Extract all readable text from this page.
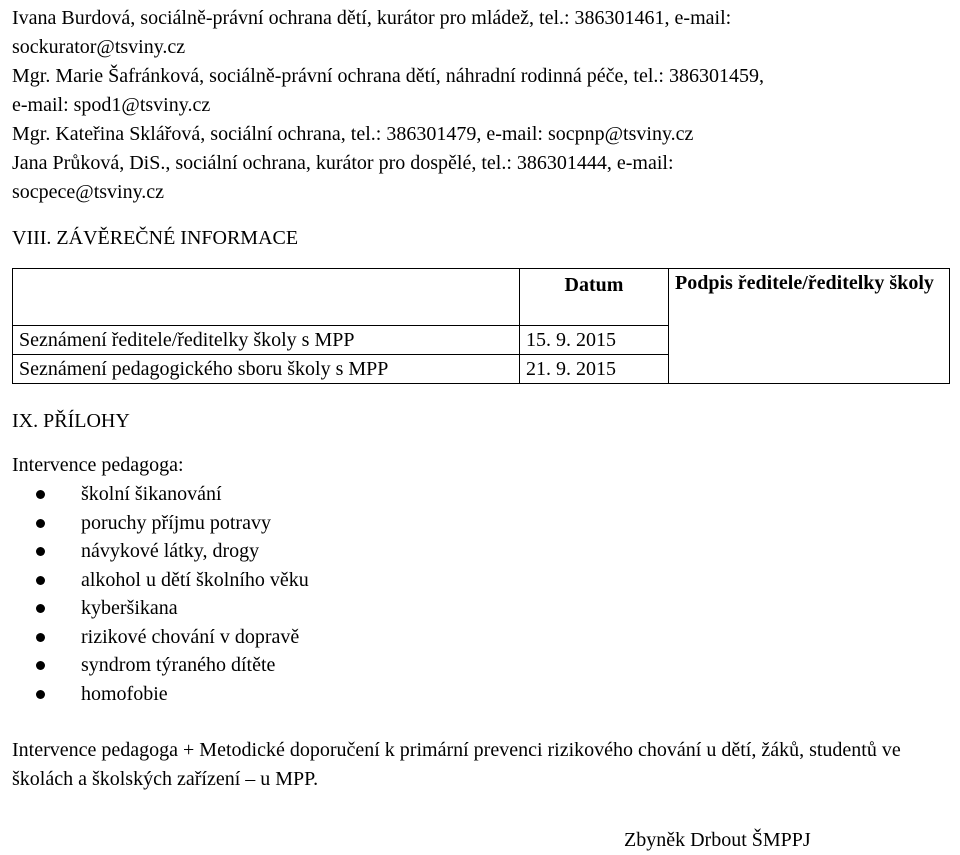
Ivana Burdová, sociálně-právní ochrana dětí, kurátor pro mládež, tel.: 386301461, e-mail:
sockurator@tsviny.cz
Mgr. Marie Šafránková, sociálně-právní ochrana dětí, náhradní rodinná péče, tel.: 386301459,
e-mail: spod1@tsviny.cz
Mgr. Kateřina Sklářová, sociální ochrana, tel.: 386301479, e-mail: socpnp@tsviny.cz
Jana Průková, DiS., sociální ochrana, kurátor pro dospělé, tel.: 386301444, e-mail:
socpece@tsviny.cz
VIII. ZÁVĚREČNÉ INFORMACE
	Datum	Podpis ředitele/ředitelky školy
Seznámení ředitele/ředitelky školy s MPP	15. 9. 2015	
Seznámení pedagogického sboru školy s MPP	21. 9. 2015	
IX. PŘÍLOHY
Intervence pedagoga:
školní šikanování
poruchy příjmu potravy
návykové látky, drogy
alkohol u dětí školního věku
kyberšikana
rizikové chování v dopravě
syndrom týraného dítěte
homofobie
Intervence pedagoga + Metodické doporučení k primární prevenci rizikového chování u dětí, žáků, studentů ve školách a školských zařízení – u MPP.
Zbyněk Drbout ŠMPPJ
